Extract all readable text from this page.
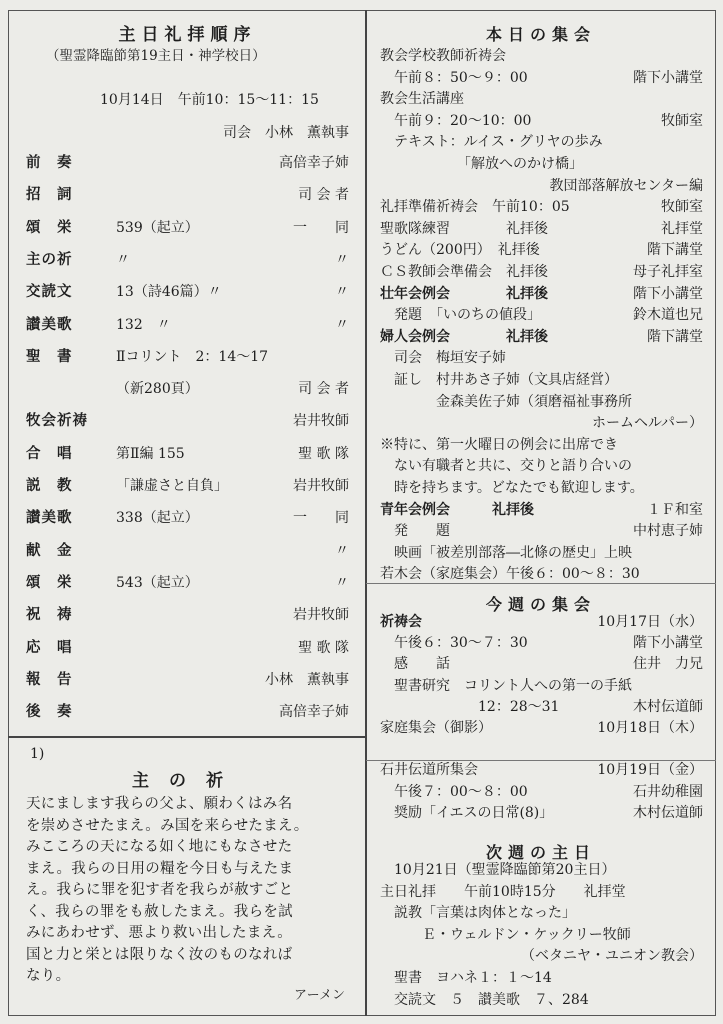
主日礼拝順序
（聖霊降臨節第19主日・神学校日）
10月14日　午前10：15～11：15
司会　小林　薫執事
前　奏	高倍幸子姉
招　詞	司 会 者
頌　栄	539（起立）	一　　同
主の祈	〃	〃
交読文	13（詩46篇）〃	〃
讃美歌	132　〃	〃
聖　書	Ⅱコリント　2：14～17
（新280頁）	司 会 者
牧会祈祷	岩井牧師
合　唱	第Ⅱ編 155	聖 歌 隊
説　教	「謙虚さと自負」	岩井牧師
讃美歌	338（起立）	一　　同
献　金	〃
頌　栄	543（起立）	〃
祝　祷	岩井牧師
応　唱	聖 歌 隊
報　告	小林　薫執事
後　奏	高倍幸子姉
1)
主の祈

天にまします我らの父よ、願わくはみ名

を崇めさせたまえ。み国を来らせたまえ。

みこころの天になる如く地にもなさせた

まえ。我らの日用の糧を今日も与えたま

え。我らに罪を犯す者を我らが赦すごと

く、我らの罪をも赦したまえ。我らを試

みにあわせず、悪より救い出したまえ。

国と力と栄とは限りなく汝のものなれば

なり。

アーメン
本日の集会
教会学校教師祈祷会
　午前８：50～９：00	階下小講堂
教会生活講座
　午前９：20～10：00	牧師室
　テキスト：ルイス・グリヤの歩み
　　　　　　「解放へのかけ橋」
教団部落解放センター編
礼拝準備祈祷会　午前10：05	牧師室
聖歌隊練習　　　　礼拝後	礼拝堂
うどん（200円）　礼拝後	階下講堂
ＣＳ教師会準備会　礼拝後	母子礼拝室
壮年会例会　　　　礼拝後	階下小講堂
　発題　「いのちの値段」	鈴木道也兄
婦人会例会　　　　礼拝後	階下講堂
　司会　梅垣安子姉
　証し　村井あさ子姉（文具店経営）
　　　　金森美佐子姉（須磨福祉事務所
ホームヘルパー）
※特に、第一火曜日の例会に出席でき
　ない有職者と共に、交りと語り合いの
　時を持ちます。どなたでも歓迎します。
青年会例会　　　礼拝後	１Ｆ和室
　発　　題	中村恵子姉
　映画「被差別部落―北條の歴史」上映
若木会（家庭集会）午後６：00～８：30
今週の集会
祈祷会	10月17日（水）
　午後６：30～７：30	階下小講堂
　感　　話	住井　力兄
　聖書研究　コリント人への第一の手紙
　　　　　　　12：28～31	木村伝道師
家庭集会（御影）	10月18日（木）
石井伝道所集会	10月19日（金）
　午後７：00～８：00	石井幼稚園
　奨励「イエスの日常(8)」	木村伝道師
次週の主日
　10月21日（聖霊降臨節第20主日）
主日礼拝　　午前10時15分　　礼拝堂
　説教「言葉は肉体となった」
　　　Ｅ・ウェルドン・ケックリー牧師
（ベタニヤ・ユニオン教会）
　聖書　ヨハネ１：１～14
　交読文　５　讃美歌　７、284
